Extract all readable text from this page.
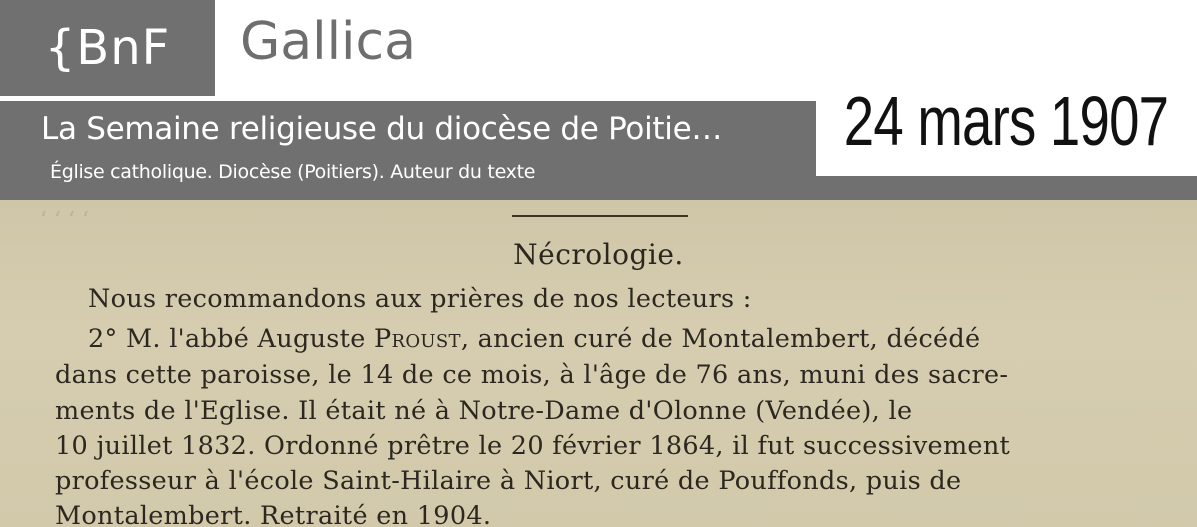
{BnF Gallica
La Semaine religieuse du diocèse de Poitie…
Église catholique. Diocèse (Poitiers). Auteur du texte
24 mars 1907
ʻ ʻ ʻ ʻ
Nécrologie.
Nous recommandons aux prières de nos lecteurs :
2° M. l'abbé Auguste Proust, ancien curé de Montalembert, décédé
dans cette paroisse, le 14 de ce mois, à l'âge de 76 ans, muni des sacre-
ments de l'Eglise. Il était né à Notre-Dame d'Olonne (Vendée), le
10 juillet 1832. Ordonné prêtre le 20 février 1864, il fut successivement
professeur à l'école Saint-Hilaire à Niort, curé de Pouffonds, puis de
Montalembert. Retraité en 1904.
